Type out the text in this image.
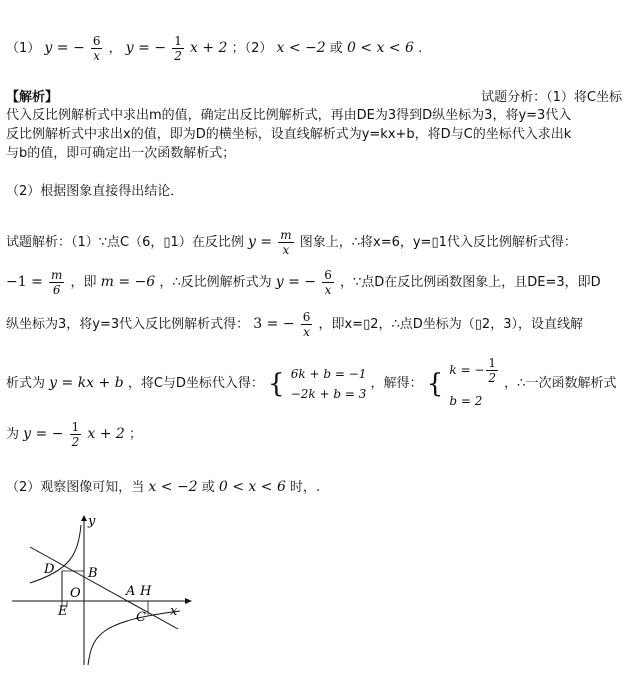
（1） y = − $\frac{6}{x}$ ， y = − $\frac{1}{2}$ x + 2 ；（2） x < −2 或 0 < x < 6 .
【解析】	试题分析：（1）将C坐标
代入反比例解析式中求出m的值，确定出反比例解析式，再由DE为3得到D纵坐标为3，将y=3代入
反比例解析式中求出x的值，即为D的横坐标，设直线解析式为y=kx+b，将D与C的坐标代入求出k
与b的值，即可确定出一次函数解析式；
（2）根据图象直接得出结论．
试题解析：（1）∵点C（6，▯1）在反比例 $y = \frac{m}{x}$ 图象上，∴将x=6，y=▯1代入反比例解析式得：
$-1 = \frac{m}{6}$ ，即 m = −6 ，∴反比例解析式为 y = − $\frac{6}{x}$ ，∵点D在反比例函数图象上，且DE=3，即D
纵坐标为3，将y=3代入反比例解析式得： 3 = − $\frac{6}{x}$ ，即x=▯2，∴点D坐标为（▯2，3），设直线解
析式为 y = kx + b ，将C与D坐标代入得： { 6k + b = −1
−2k + b = 3
，解得： { k = − $\frac{1}{2}$
b = 2
，∴一次函数解析式
为 y = − $\frac{1}{2}$ x + 2 ；
（2）观察图像可知，当 x < −2 或 0 < x < 6 时，.
y
x
D	B
O	A H
E	C
